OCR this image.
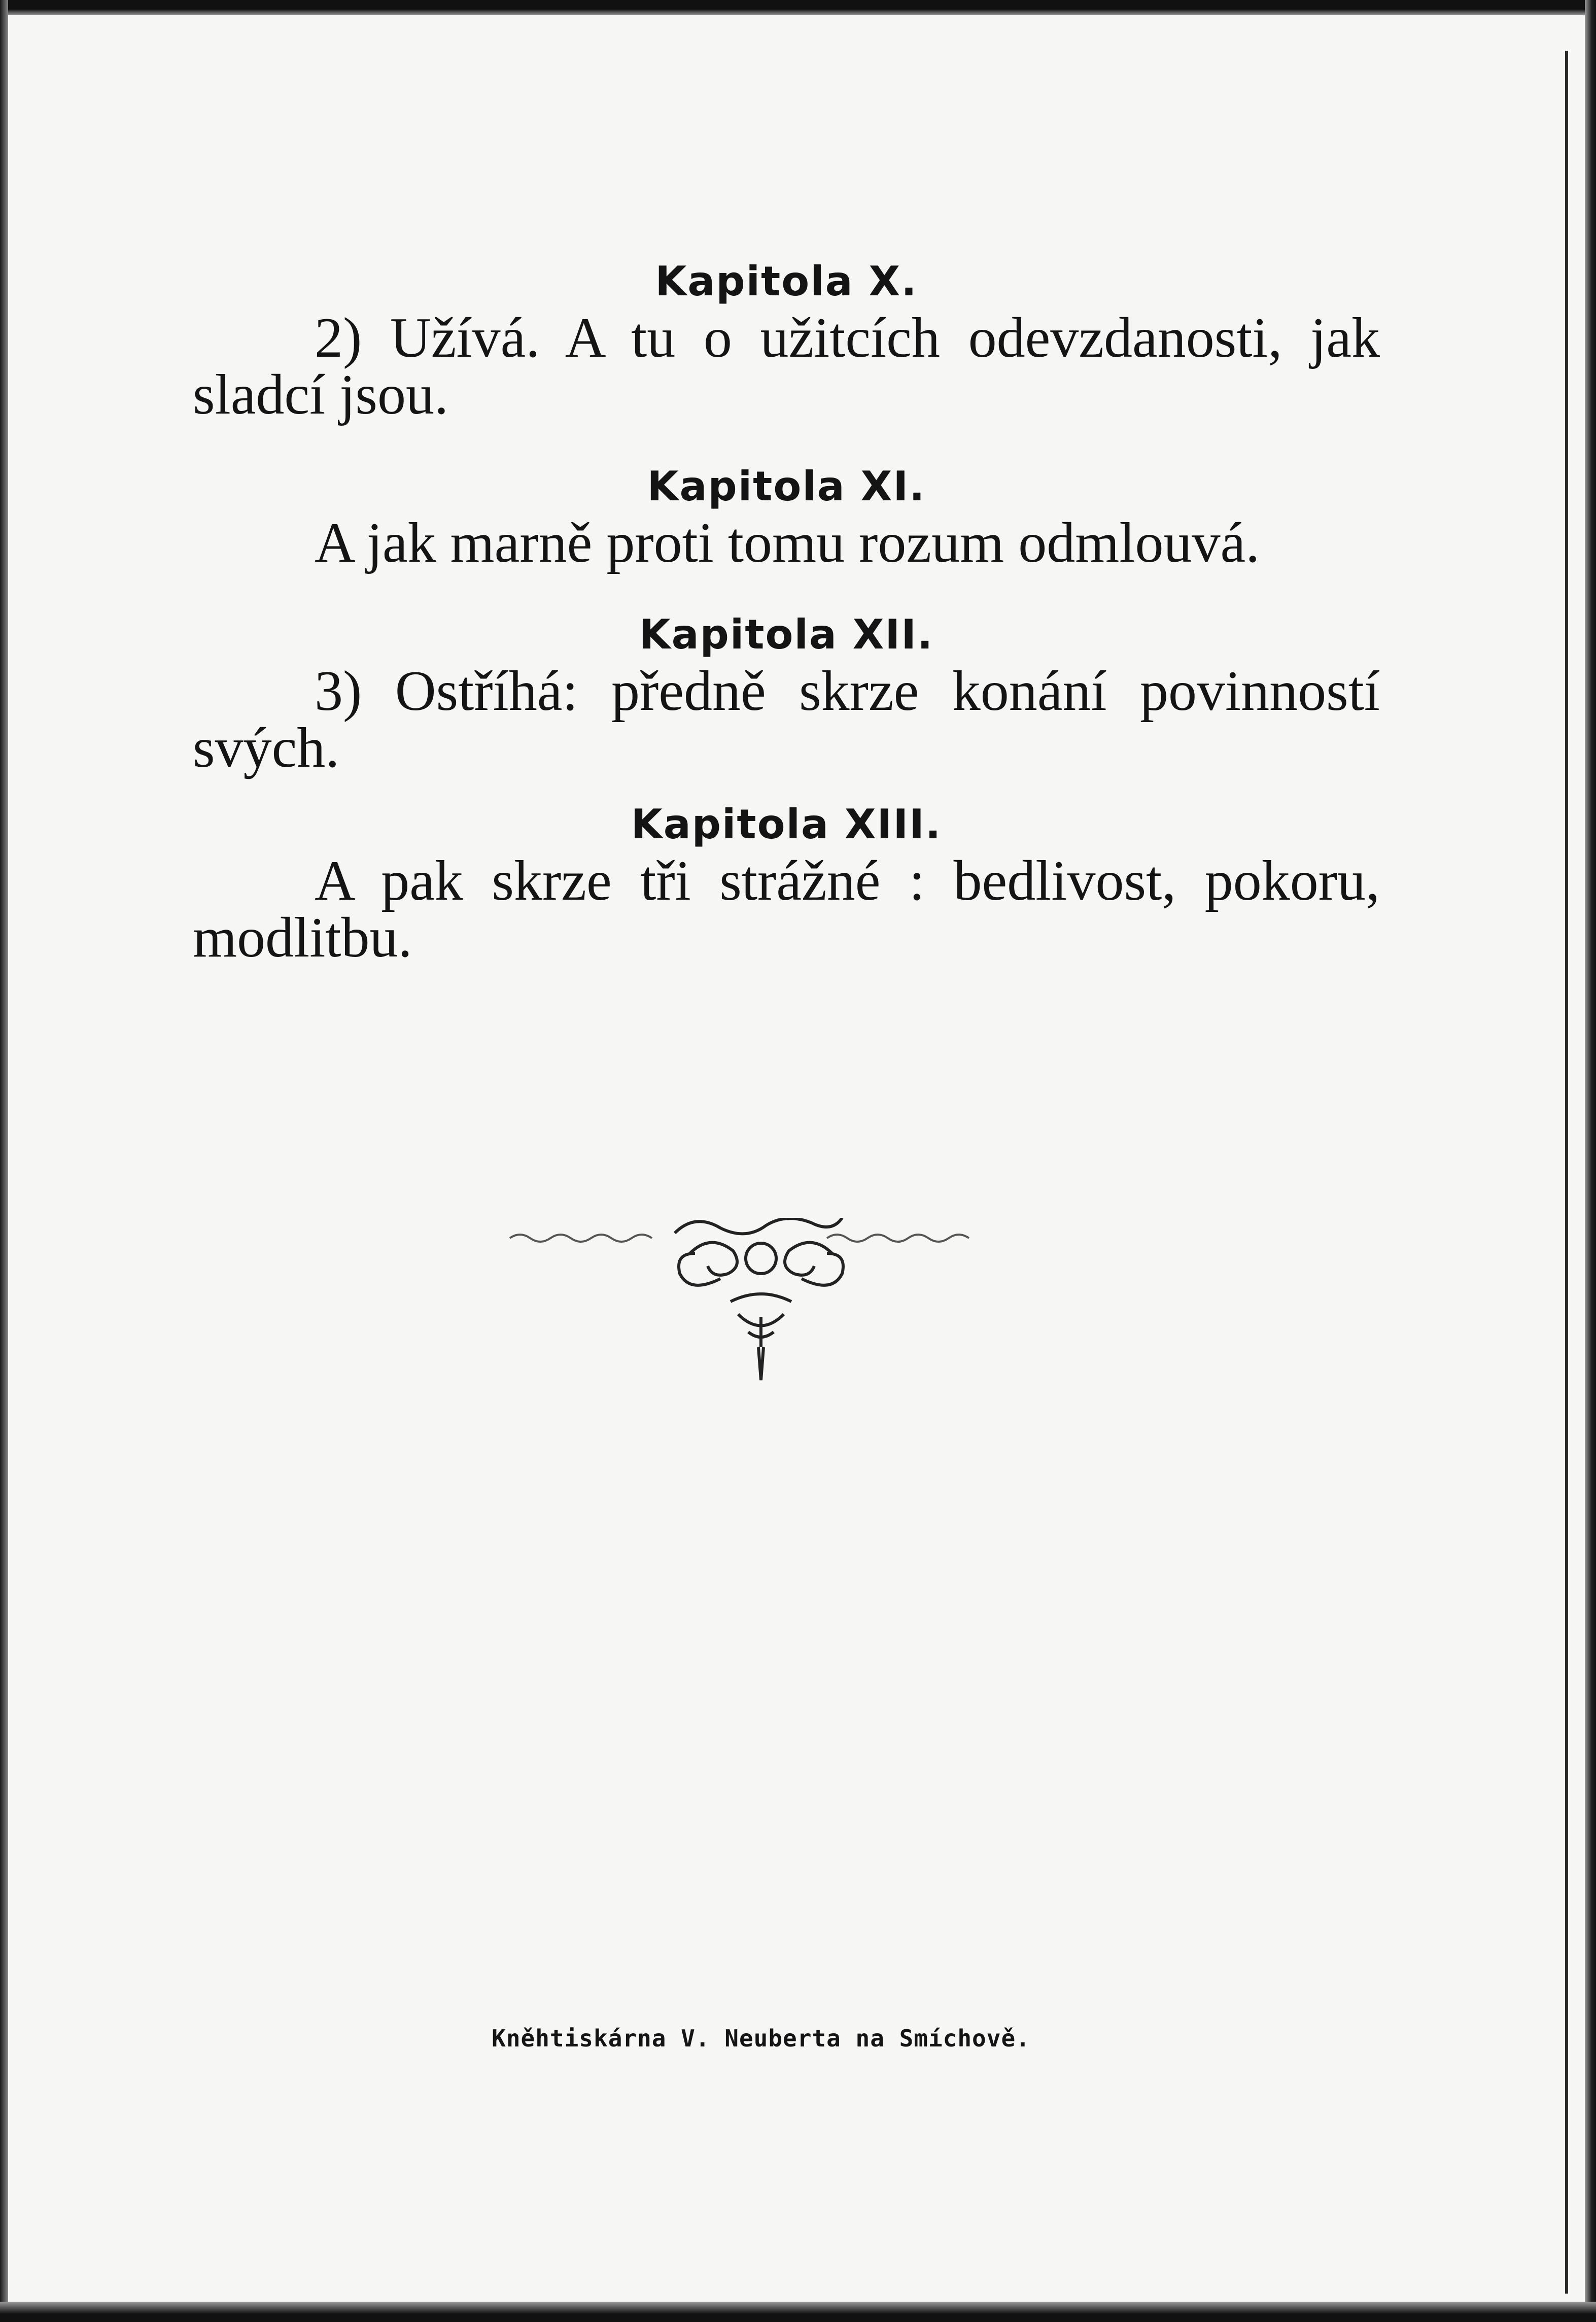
Kapitola X.

2) Užívá. A tu o užitcích odevzdanosti, jak sladcí jsou.

Kapitola XI.

A jak marně proti tomu rozum odmlouvá.

Kapitola XII.

3) Ostříhá: předně skrze konání povinností svých.

Kapitola XIII.

A pak skrze tři strážné : bedlivost, pokoru, modlitbu.

Kněhtiskárna V. Neuberta na Smíchově.
